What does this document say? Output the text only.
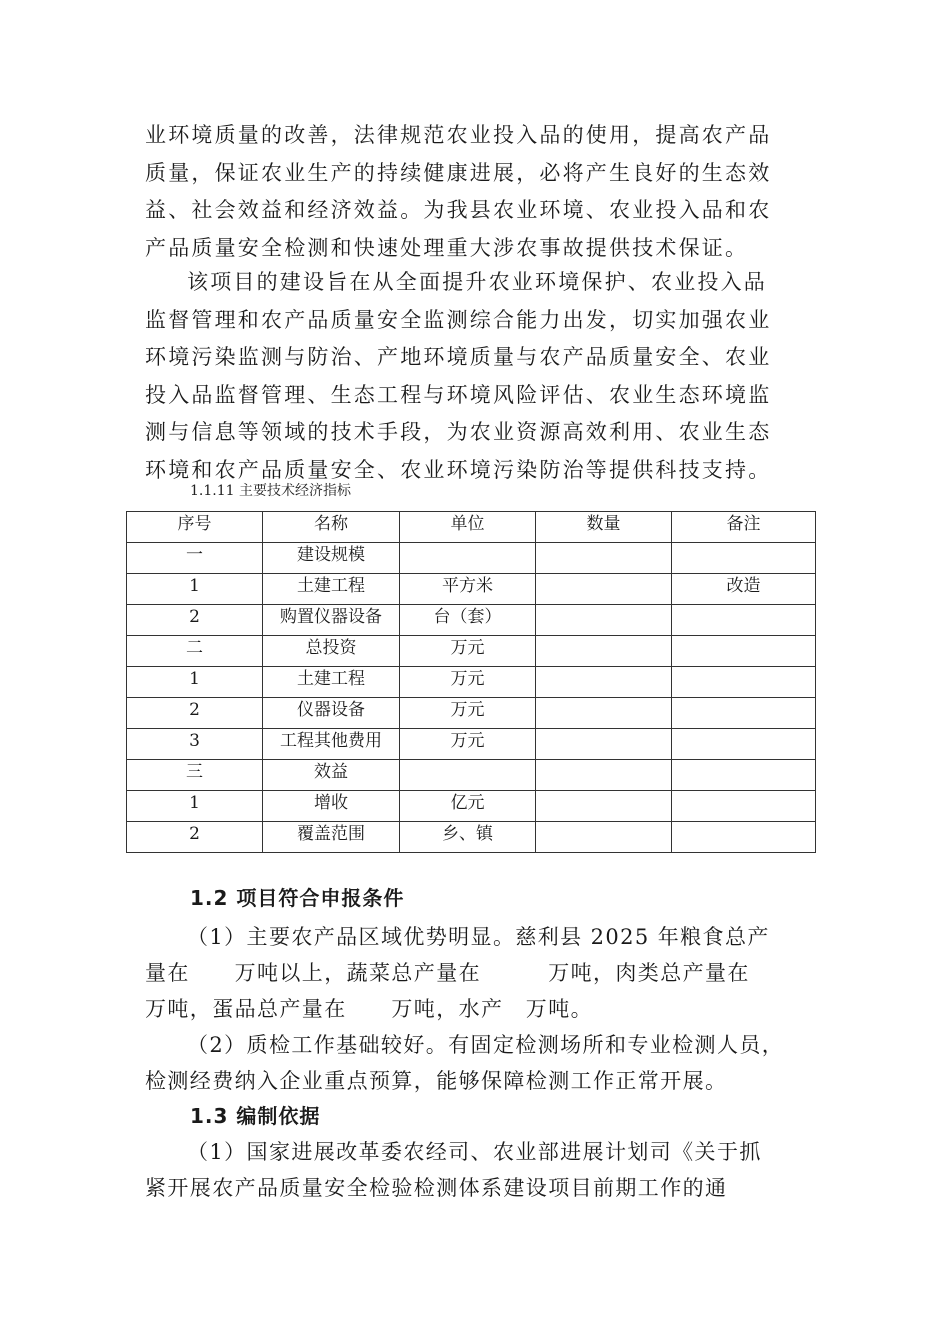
业环境质量的改善，法律规范农业投入品的使用，提高农产品
质量，保证农业生产的持续健康进展，必将产生良好的生态效
益、社会效益和经济效益。为我县农业环境、农业投入品和农
产品质量安全检测和快速处理重大涉农事故提供技术保证。
该项目的建设旨在从全面提升农业环境保护、农业投入品
监督管理和农产品质量安全监测综合能力出发，切实加强农业
环境污染监测与防治、产地环境质量与农产品质量安全、农业
投入品监督管理、生态工程与环境风险评估、农业生态环境监
测与信息等领域的技术手段，为农业资源高效利用、农业生态
环境和农产品质量安全、农业环境污染防治等提供科技支持。
1.1.11 主要技术经济指标
序号	名称	单位	数量	备注
一	建设规模			
1	土建工程	平方米		改造
2	购置仪器设备	台（套）		
二	总投资	万元		
1	土建工程	万元		
2	仪器设备	万元		
3	工程其他费用	万元		
三	效益			
1	增收	亿元		
2	覆盖范围	乡、镇		
1.2 项目符合申报条件
（1）主要农产品区域优势明显。慈利县 2025 年粮食总产
量在　　万吨以上，蔬菜总产量在　　　万吨，肉类总产量在
万吨，蛋品总产量在　　万吨，水产　万吨。
（2）质检工作基础较好。有固定检测场所和专业检测人员，
检测经费纳入企业重点预算，能够保障检测工作正常开展。
1.3 编制依据
（1）国家进展改革委农经司、农业部进展计划司《关于抓
紧开展农产品质量安全检验检测体系建设项目前期工作的通
